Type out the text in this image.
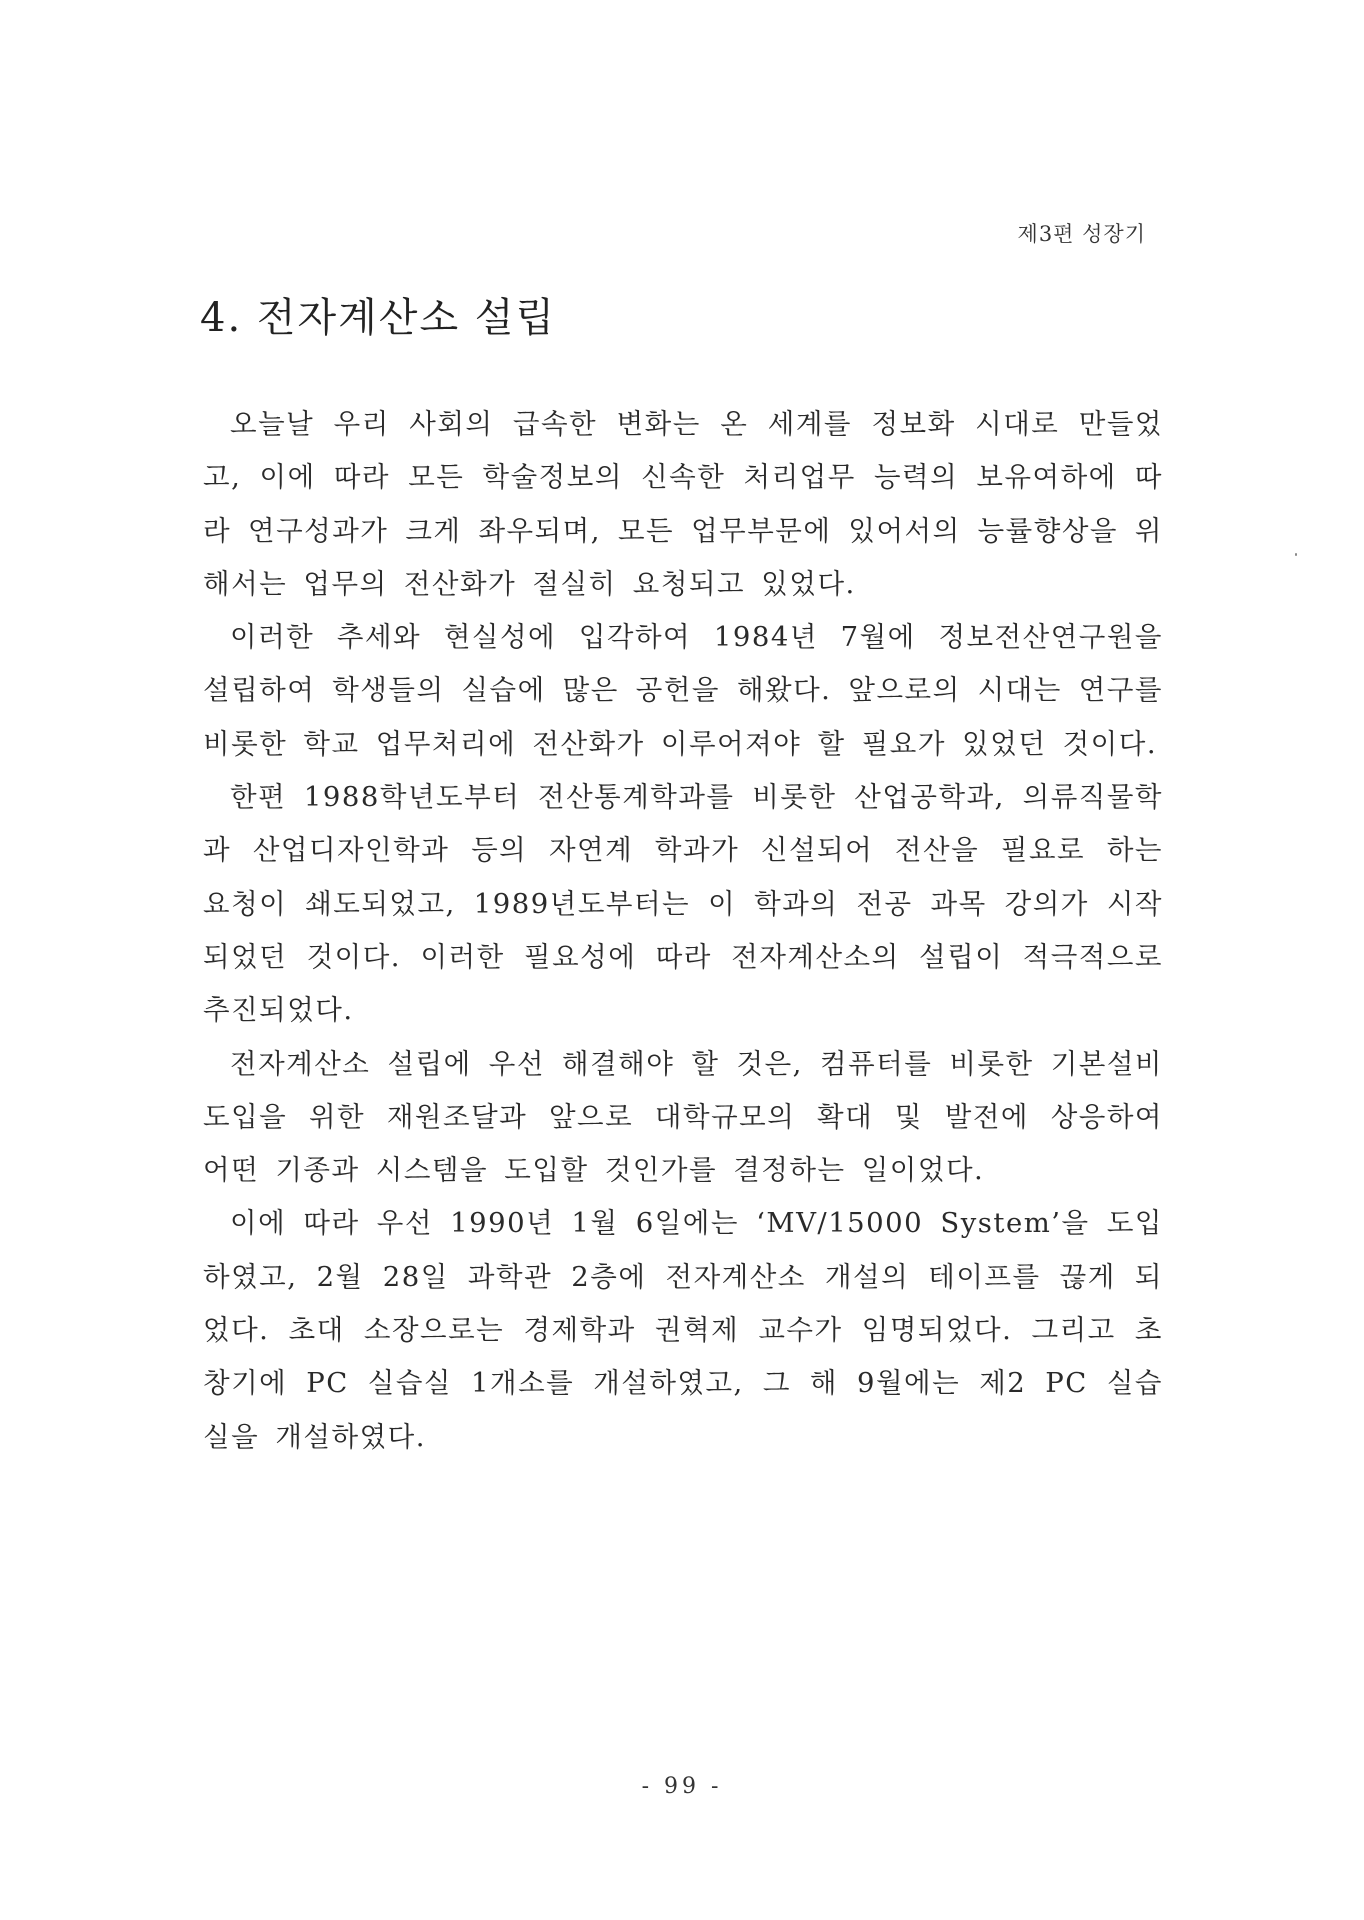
제3편 성장기
4. 전자계산소 설립

오늘날 우리 사회의 급속한 변화는 온 세계를 정보화 시대로 만들었고, 이에 따라 모든 학술정보의 신속한 처리업무 능력의 보유여하에 따라 연구성과가 크게 좌우되며, 모든 업무부문에 있어서의 능률향상을 위해서는 업무의 전산화가 절실히 요청되고 있었다.

이러한 추세와 현실성에 입각하여 1984년 7월에 정보전산연구원을 설립하여 학생들의 실습에 많은 공헌을 해왔다. 앞으로의 시대는 연구를 비롯한 학교 업무처리에 전산화가 이루어져야 할 필요가 있었던 것이다.

한편 1988학년도부터 전산통계학과를 비롯한 산업공학과, 의류직물학과 산업디자인학과 등의 자연계 학과가 신설되어 전산을 필요로 하는 요청이 쇄도되었고, 1989년도부터는 이 학과의 전공 과목 강의가 시작되었던 것이다. 이러한 필요성에 따라 전자계산소의 설립이 적극적으로 추진되었다.

전자계산소 설립에 우선 해결해야 할 것은, 컴퓨터를 비롯한 기본설비 도입을 위한 재원조달과 앞으로 대학규모의 확대 및 발전에 상응하여 어떤 기종과 시스템을 도입할 것인가를 결정하는 일이었다.

이에 따라 우선 1990년 1월 6일에는 ‘MV/15000 System’을 도입하였고, 2월 28일 과학관 2층에 전자계산소 개설의 테이프를 끊게 되었다. 초대 소장으로는 경제학과 권혁제 교수가 임명되었다. 그리고 초창기에 PC 실습실 1개소를 개설하였고, 그 해 9월에는 제2 PC 실습실을 개설하였다.

- 99 -
